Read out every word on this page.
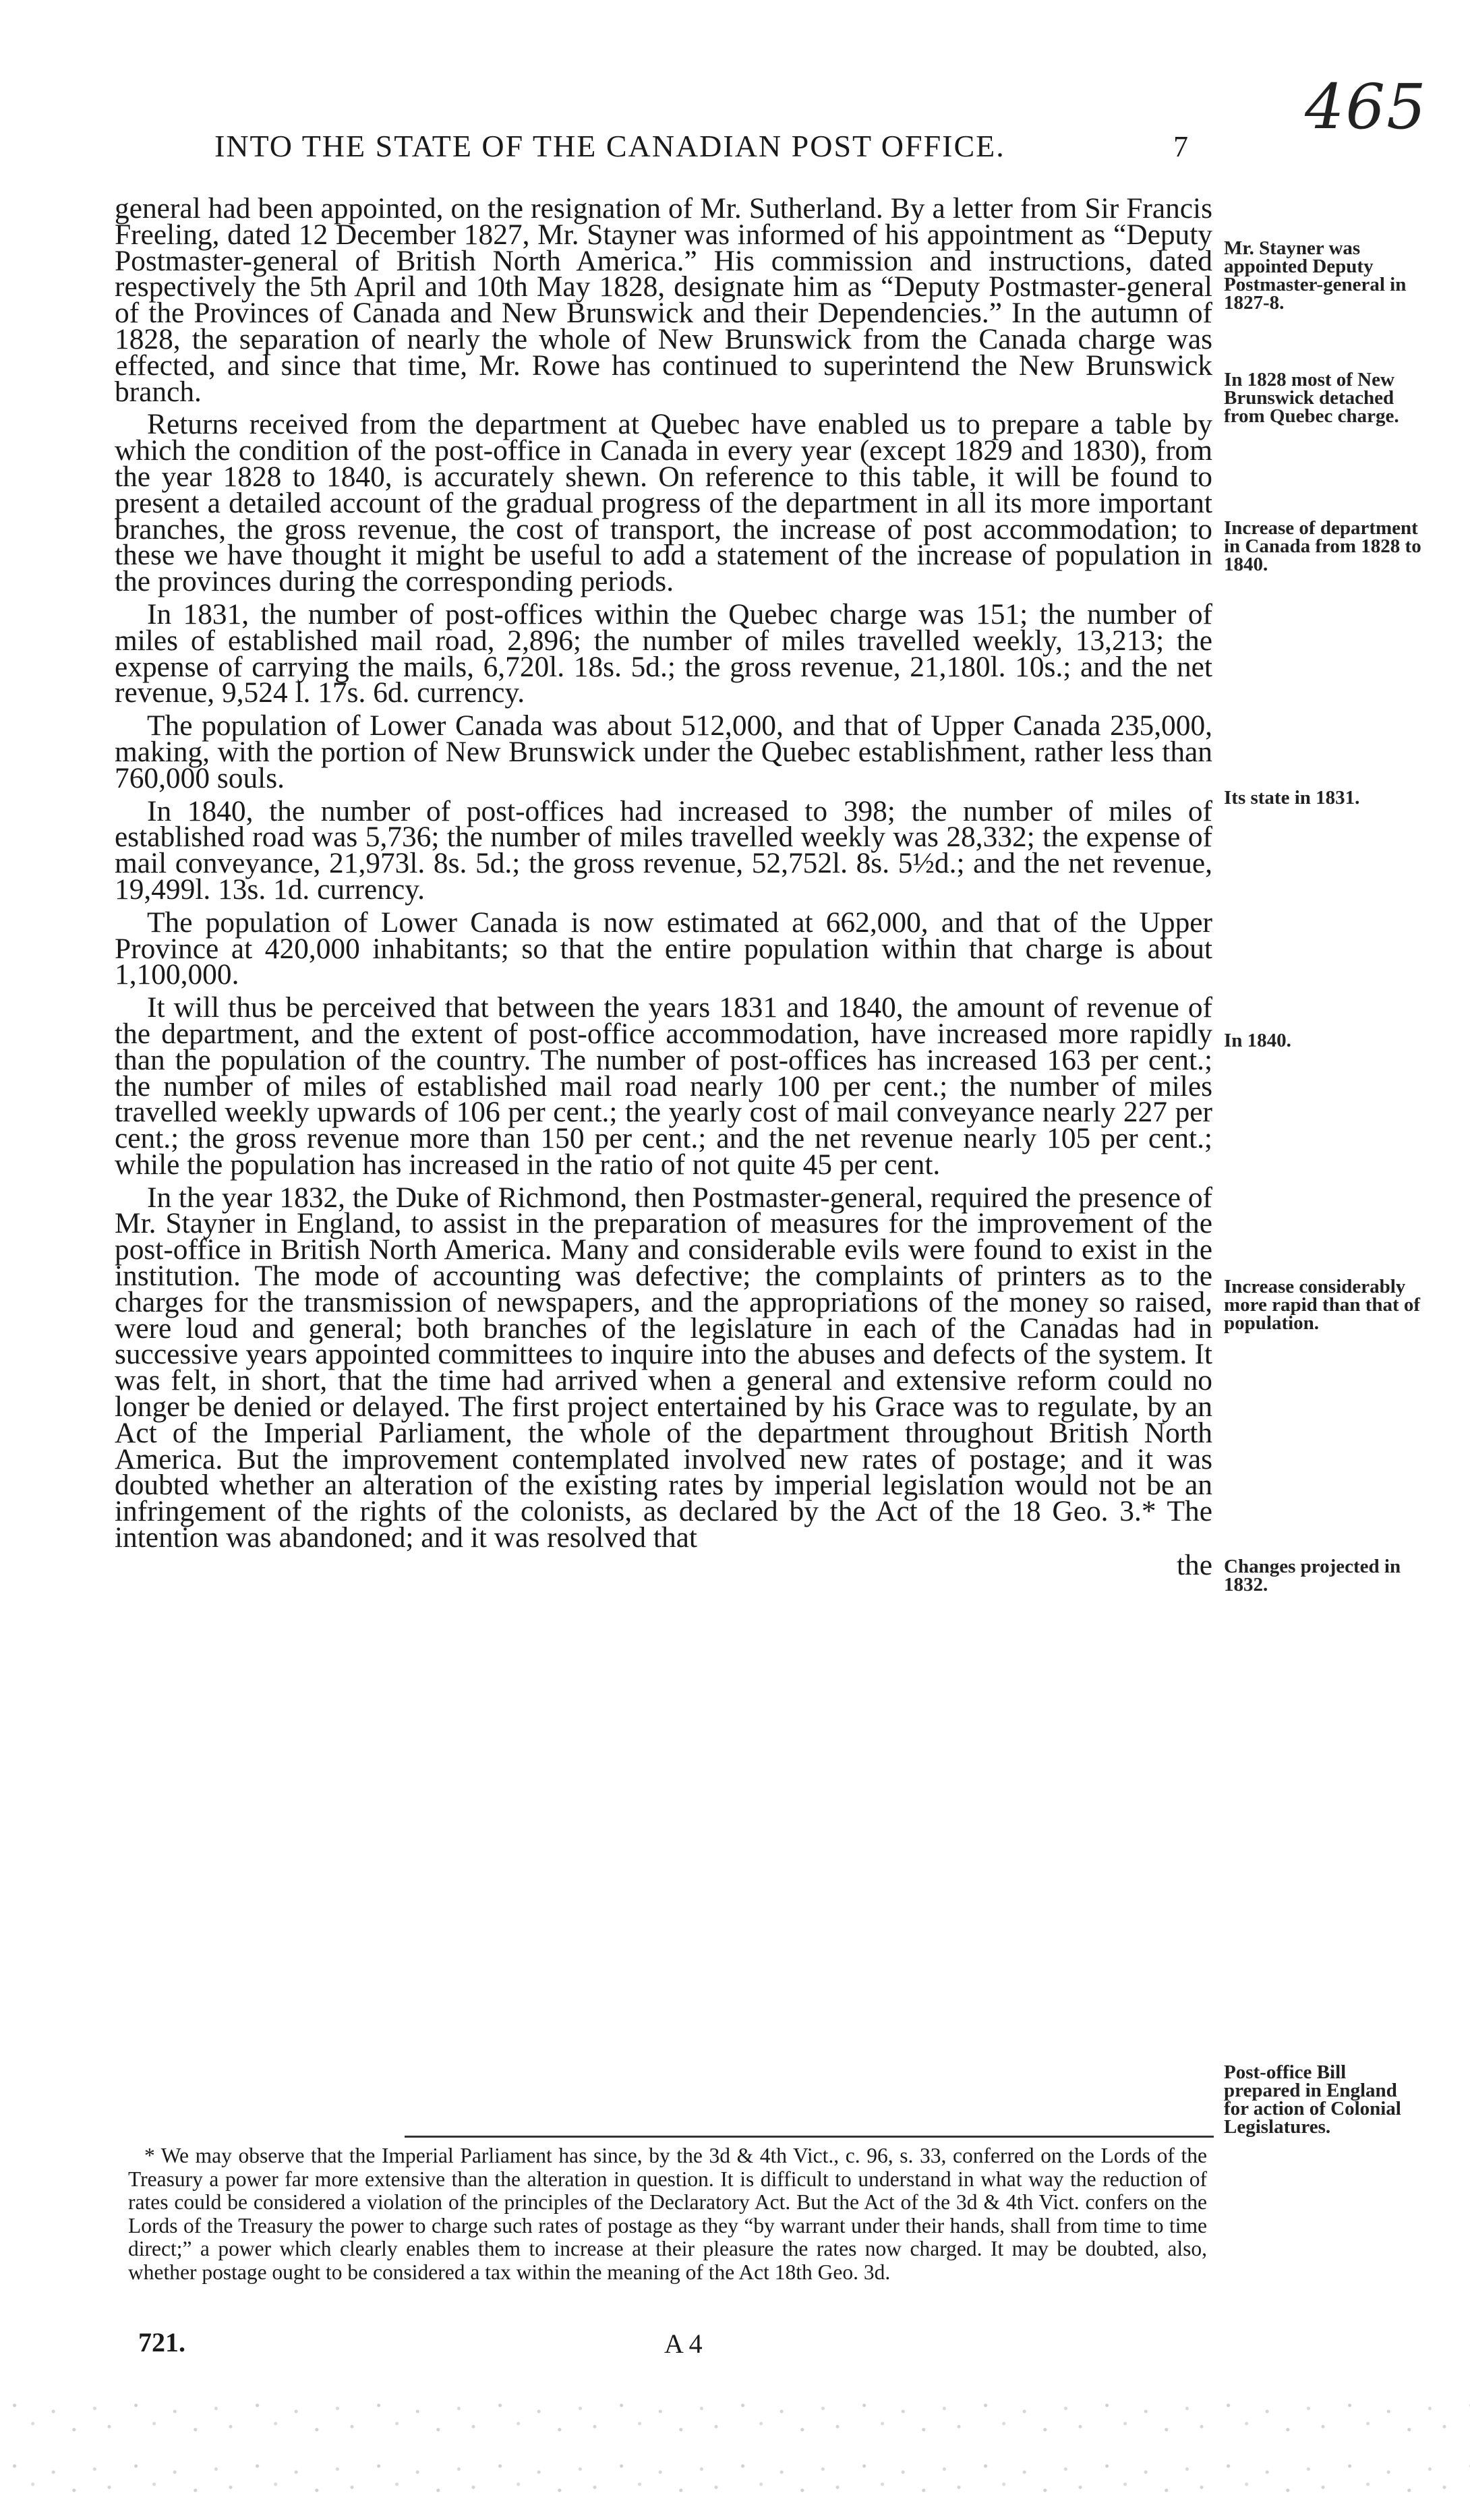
465
INTO THE STATE OF THE CANADIAN POST OFFICE.	7

general had been appointed, on the resignation of Mr. Sutherland. By a letter from Sir Francis Freeling, dated 12 December 1827, Mr. Stayner was informed of his appointment as “Deputy Postmaster-general of British North America.” His commission and instructions, dated respectively the 5th April and 10th May 1828, designate him as “Deputy Postmaster-general of the Provinces of Canada and New Brunswick and their Dependencies.” In the autumn of 1828, the separation of nearly the whole of New Brunswick from the Canada charge was effected, and since that time, Mr. Rowe has continued to superintend the New Brunswick branch.

Returns received from the department at Quebec have enabled us to prepare a table by which the condition of the post-office in Canada in every year (except 1829 and 1830), from the year 1828 to 1840, is accurately shewn. On reference to this table, it will be found to present a detailed account of the gradual progress of the department in all its more important branches, the gross revenue, the cost of transport, the increase of post accommodation; to these we have thought it might be useful to add a statement of the increase of population in the provinces during the corresponding periods.

In 1831, the number of post-offices within the Quebec charge was 151; the number of miles of established mail road, 2,896; the number of miles travelled weekly, 13,213; the expense of carrying the mails, 6,720l. 18s. 5d.; the gross revenue, 21,180l. 10s.; and the net revenue, 9,524 l. 17s. 6d. currency.

The population of Lower Canada was about 512,000, and that of Upper Canada 235,000, making, with the portion of New Brunswick under the Quebec establishment, rather less than 760,000 souls.

In 1840, the number of post-offices had increased to 398; the number of miles of established road was 5,736; the number of miles travelled weekly was 28,332; the expense of mail conveyance, 21,973l. 8s. 5d.; the gross revenue, 52,752l. 8s. 5½d.; and the net revenue, 19,499l. 13s. 1d. currency.

The population of Lower Canada is now estimated at 662,000, and that of the Upper Province at 420,000 inhabitants; so that the entire population within that charge is about 1,100,000.

It will thus be perceived that between the years 1831 and 1840, the amount of revenue of the department, and the extent of post-office accommodation, have increased more rapidly than the population of the country. The number of post-offices has increased 163 per cent.; the number of miles of established mail road nearly 100 per cent.; the number of miles travelled weekly upwards of 106 per cent.; the yearly cost of mail conveyance nearly 227 per cent.; the gross revenue more than 150 per cent.; and the net revenue nearly 105 per cent.; while the population has increased in the ratio of not quite 45 per cent.

In the year 1832, the Duke of Richmond, then Postmaster-general, required the presence of Mr. Stayner in England, to assist in the preparation of measures for the improvement of the post-office in British North America. Many and considerable evils were found to exist in the institution. The mode of accounting was defective; the complaints of printers as to the charges for the transmission of newspapers, and the appropriations of the money so raised, were loud and general; both branches of the legislature in each of the Canadas had in successive years appointed committees to inquire into the abuses and defects of the system. It was felt, in short, that the time had arrived when a general and extensive reform could no longer be denied or delayed. The first project entertained by his Grace was to regulate, by an Act of the Imperial Parliament, the whole of the department throughout British North America. But the improvement contemplated involved new rates of postage; and it was doubted whether an alteration of the existing rates by imperial legislation would not be an infringement of the rights of the colonists, as declared by the Act of the 18 Geo. 3.* The intention was abandoned; and it was resolved that

the

Mr. Stayner was appointed Deputy Postmaster-general in 1827-8.
In 1828 most of New Brunswick detached from Quebec charge.
Increase of department in Canada from 1828 to 1840.
Its state in 1831.
In 1840.
Increase considerably more rapid than that of population.
Changes projected in 1832.
Post-office Bill prepared in England for action of Colonial Legislatures.

* We may observe that the Imperial Parliament has since, by the 3d & 4th Vict., c. 96, s. 33, conferred on the Lords of the Treasury a power far more extensive than the alteration in question. It is difficult to understand in what way the reduction of rates could be considered a violation of the principles of the Declaratory Act. But the Act of the 3d & 4th Vict. confers on the Lords of the Treasury the power to charge such rates of postage as they “by warrant under their hands, shall from time to time direct;” a power which clearly enables them to increase at their pleasure the rates now charged. It may be doubted, also, whether postage ought to be considered a tax within the meaning of the Act 18th Geo. 3d.

721.	A 4
